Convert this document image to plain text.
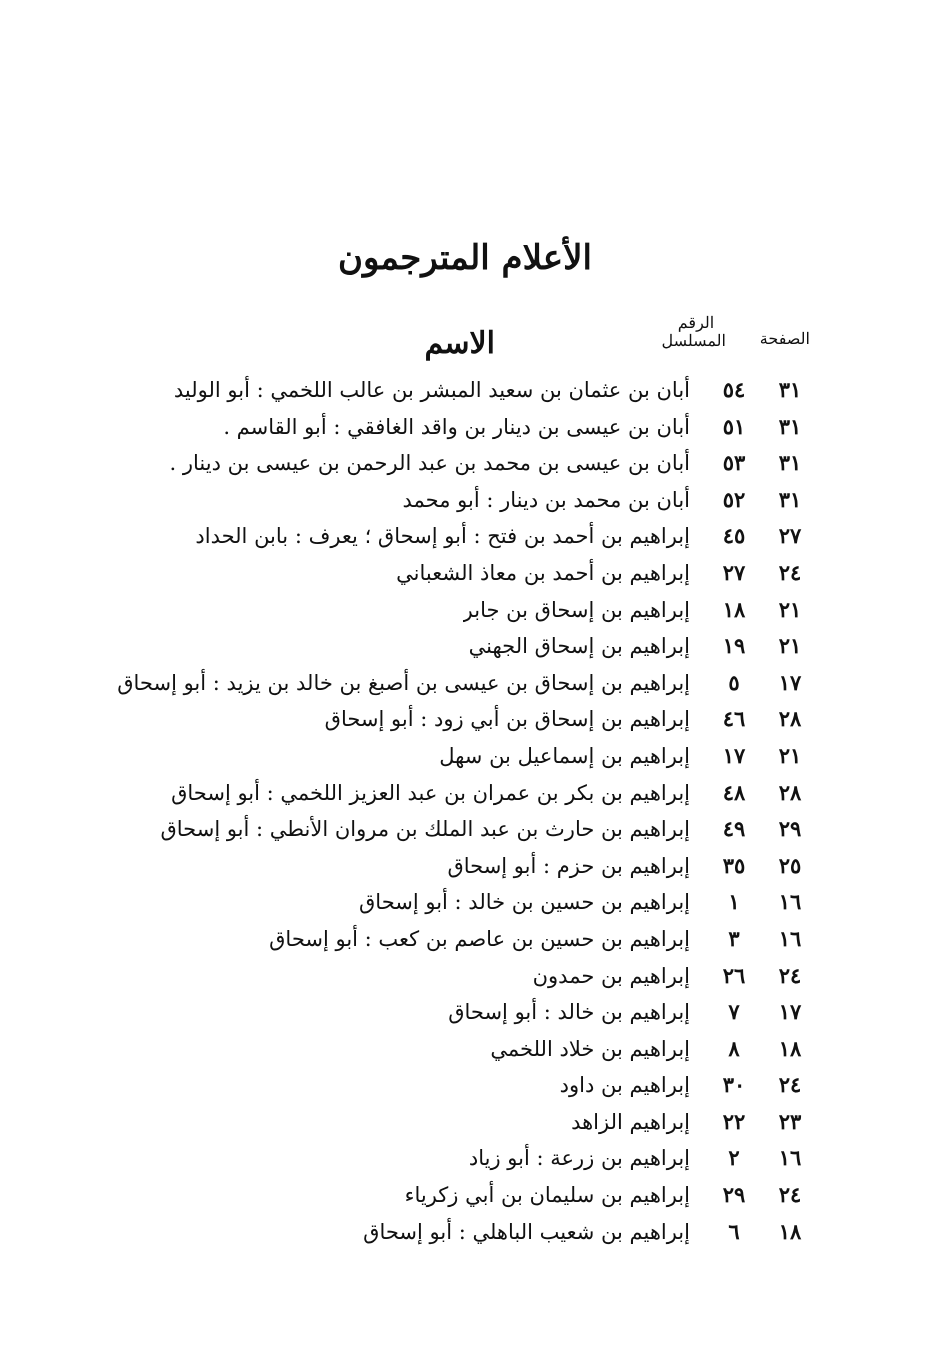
الأعلام المترجمون
الصفحة
الرقم
المسلسل
الاسم
٣١
٥٤
أبان بن عثمان بن سعيد المبشر بن عالب اللخمي : أبو الوليد
٣١
٥١
أبان بن عيسى بن دينار بن واقد الغافقي : أبو القاسم .
٣١
٥٣
أبان بن عيسى بن محمد بن عبد الرحمن بن عيسى بن دينار .
٣١
٥٢
أبان بن محمد بن دينار : أبو محمد
٢٧
٤٥
إبراهيم بن أحمد بن فتح : أبو إسحاق ؛ يعرف : بابن الحداد
٢٤
٢٧
إبراهيم بن أحمد بن معاذ الشعباني
٢١
١٨
إبراهيم بن إسحاق بن جابر
٢١
١٩
إبراهيم بن إسحاق الجهني
١٧
٥
إبراهيم بن إسحاق بن عيسى بن أصبغ بن خالد بن يزيد : أبو إسحاق
٢٨
٤٦
إبراهيم بن إسحاق بن أبي زود : أبو إسحاق
٢١
١٧
إبراهيم بن إسماعيل بن سهل
٢٨
٤٨
إبراهيم بن بكر بن عمران بن عبد العزيز اللخمي : أبو إسحاق
٢٩
٤٩
إبراهيم بن حارث بن عبد الملك بن مروان الأنطي : أبو إسحاق
٢٥
٣٥
إبراهيم بن حزم : أبو إسحاق
١٦
١
إبراهيم بن حسين بن خالد : أبو إسحاق
١٦
٣
إبراهيم بن حسين بن عاصم بن كعب : أبو إسحاق
٢٤
٢٦
إبراهيم بن حمدون
١٧
٧
إبراهيم بن خالد : أبو إسحاق
١٨
٨
إبراهيم بن خلاد اللخمي
٢٤
٣٠
إبراهيم بن داود
٢٣
٢٢
إبراهيم الزاهد
١٦
٢
إبراهيم بن زرعة : أبو زياد
٢٤
٢٩
إبراهيم بن سليمان بن أبي زكرياء
١٨
٦
إبراهيم بن شعيب الباهلي : أبو إسحاق
